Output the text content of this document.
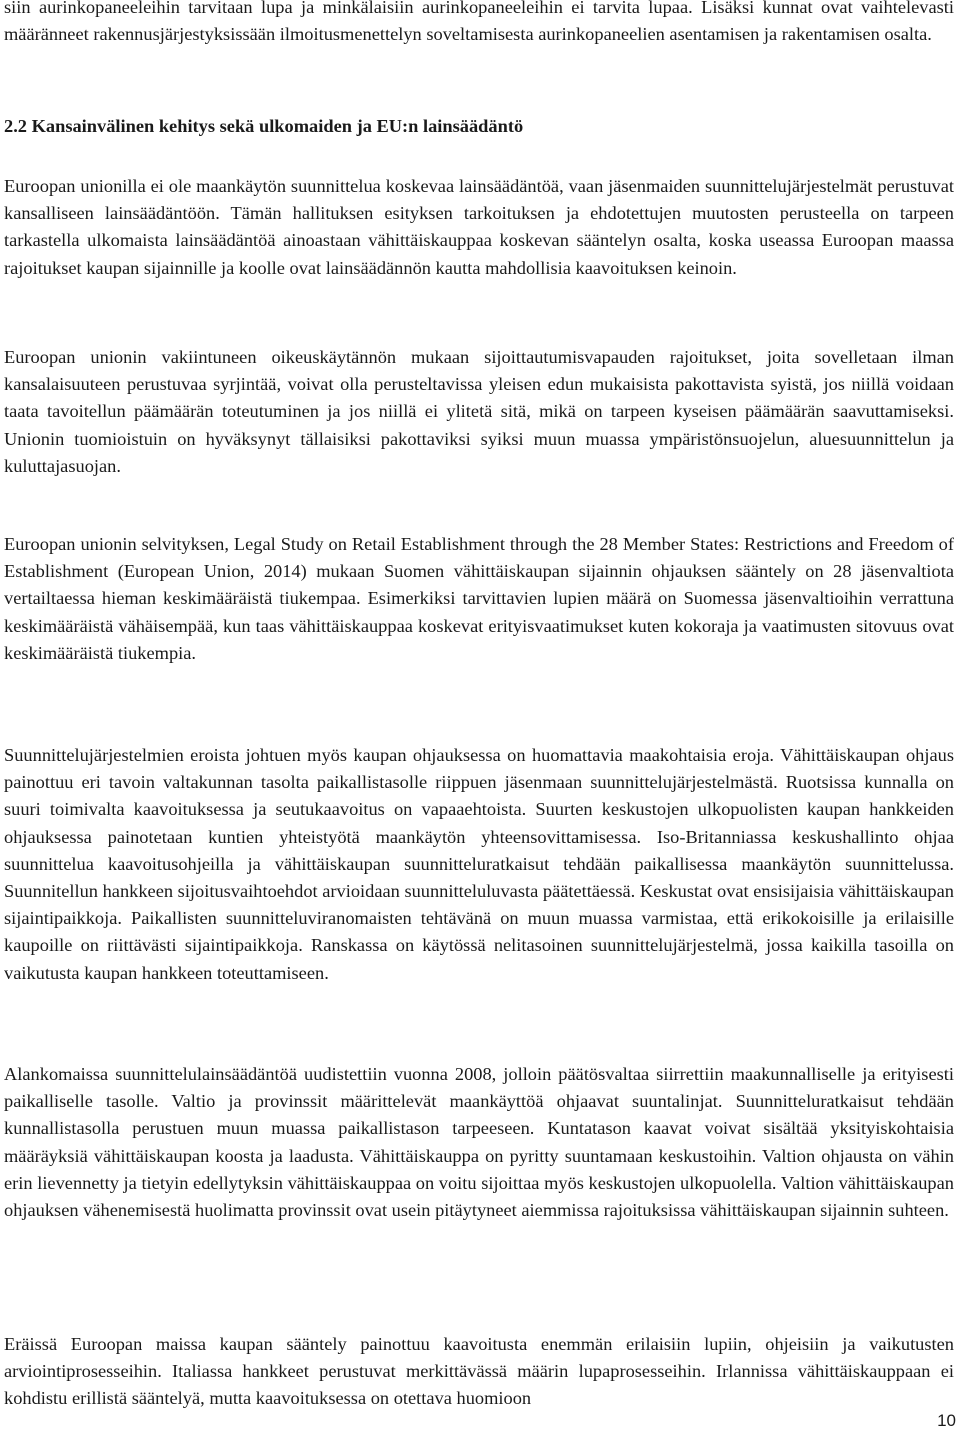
siin aurinkopaneeleihin tarvitaan lupa ja minkälaisiin aurinkopaneeleihin ei tarvita lupaa. Lisäksi kunnat ovat vaihtelevasti määränneet rakennusjärjestyksissään ilmoitusmenettelyn soveltamisesta aurinkopaneelien asentamisen ja rakentamisen osalta.

2.2 Kansainvälinen kehitys sekä ulkomaiden ja EU:n lainsäädäntö

Euroopan unionilla ei ole maankäytön suunnittelua koskevaa lainsäädäntöä, vaan jäsenmaiden suunnittelujärjestelmät perustuvat kansalliseen lainsäädäntöön. Tämän hallituksen esityksen tarkoituksen ja ehdotettujen muutosten perusteella on tarpeen tarkastella ulkomaista lainsäädäntöä ainoastaan vähittäiskauppaa koskevan sääntelyn osalta, koska useassa Euroopan maassa rajoitukset kaupan sijainnille ja koolle ovat lainsäädännön kautta mahdollisia kaavoituksen keinoin.

Euroopan unionin vakiintuneen oikeuskäytännön mukaan sijoittautumisvapauden rajoitukset, joita sovelletaan ilman kansalaisuuteen perustuvaa syrjintää, voivat olla perusteltavissa yleisen edun mukaisista pakottavista syistä, jos niillä voidaan taata tavoitellun päämäärän toteutuminen ja jos niillä ei ylitetä sitä, mikä on tarpeen kyseisen päämäärän saavuttamiseksi. Unionin tuomioistuin on hyväksynyt tällaisiksi pakottaviksi syiksi muun muassa ympäristönsuojelun, aluesuunnittelun ja kuluttajasuojan.

Euroopan unionin selvityksen, Legal Study on Retail Establishment through the 28 Member States: Restrictions and Freedom of Establishment (European Union, 2014) mukaan Suomen vähittäiskaupan sijainnin ohjauksen sääntely on 28 jäsenvaltiota vertailtaessa hieman keskimääräistä tiukempaa. Esimerkiksi tarvittavien lupien määrä on Suomessa jäsenvaltioihin verrattuna keskimääräistä vähäisempää, kun taas vähittäiskauppaa koskevat erityisvaatimukset kuten kokoraja ja vaatimusten sitovuus ovat keskimääräistä tiukempia.

Suunnittelujärjestelmien eroista johtuen myös kaupan ohjauksessa on huomattavia maakohtaisia eroja. Vähittäiskaupan ohjaus painottuu eri tavoin valtakunnan tasolta paikallistasolle riippuen jäsenmaan suunnittelujärjestelmästä. Ruotsissa kunnalla on suuri toimivalta kaavoituksessa ja seutukaavoitus on vapaaehtoista. Suurten keskustojen ulkopuolisten kaupan hankkeiden ohjauksessa painotetaan kuntien yhteistyötä maankäytön yhteensovittamisessa. Iso-Britanniassa keskushallinto ohjaa suunnittelua kaavoitusohjeilla ja vähittäiskaupan suunnitteluratkaisut tehdään paikallisessa maankäytön suunnittelussa. Suunnitellun hankkeen sijoitusvaihtoehdot arvioidaan suunnitteluluvasta päätettäessä. Keskustat ovat ensisijaisia vähittäiskaupan sijaintipaikkoja. Paikallisten suunnitteluviranomaisten tehtävänä on muun muassa varmistaa, että erikokoisille ja erilaisille kaupoille on riittävästi sijaintipaikkoja. Ranskassa on käytössä nelitasoinen suunnittelujärjestelmä, jossa kaikilla tasoilla on vaikutusta kaupan hankkeen toteuttamiseen.

Alankomaissa suunnittelulainsäädäntöä uudistettiin vuonna 2008, jolloin päätösvaltaa siirrettiin maakunnalliselle ja erityisesti paikalliselle tasolle. Valtio ja provinssit määrittelevät maankäyttöä ohjaavat suuntalinjat. Suunnitteluratkaisut tehdään kunnallistasolla perustuen muun muassa paikallistason tarpeeseen. Kuntatason kaavat voivat sisältää yksityiskohtaisia määräyksiä vähittäiskaupan koosta ja laadusta. Vähittäiskauppa on pyritty suuntamaan keskustoihin. Valtion ohjausta on vähin erin lievennetty ja tietyin edellytyksin vähittäiskauppaa on voitu sijoittaa myös keskustojen ulkopuolella. Valtion vähittäiskaupan ohjauksen vähenemisestä huolimatta provinssit ovat usein pitäytyneet aiemmissa rajoituksissa vähittäiskaupan sijainnin suhteen.

Eräissä Euroopan maissa kaupan sääntely painottuu kaavoitusta enemmän erilaisiin lupiin, ohjeisiin ja vaikutusten arviointiprosesseihin. Italiassa hankkeet perustuvat merkittävässä määrin lupaprosesseihin. Irlannissa vähittäiskauppaan ei kohdistu erillistä sääntelyä, mutta kaavoituksessa on otettava huomioon

10
